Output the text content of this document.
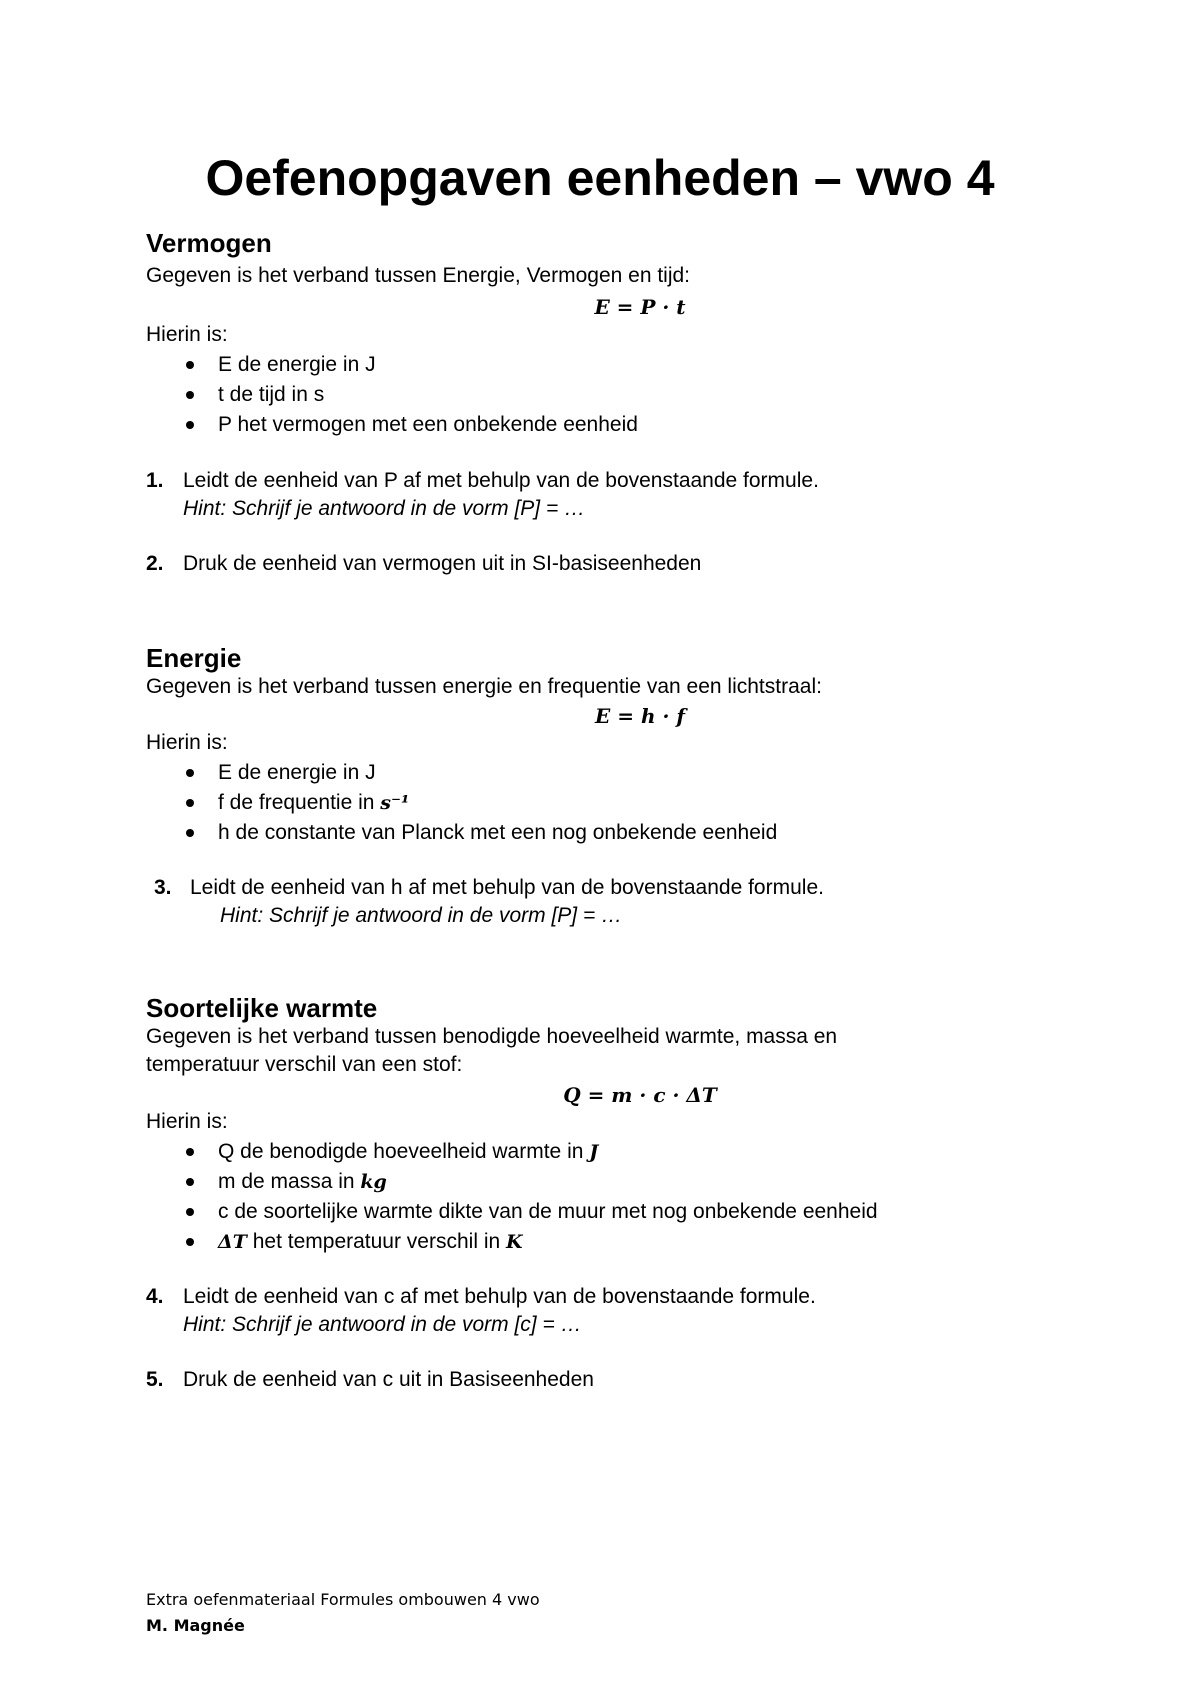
Oefenopgaven eenheden – vwo 4
Vermogen
Gegeven is het verband tussen Energie, Vermogen en tijd:
E = P · t
Hierin is:
E de energie in J
t de tijd in s
P het vermogen met een onbekende eenheid
1. Leidt de eenheid van P af met behulp van de bovenstaande formule.
Hint: Schrijf je antwoord in de vorm [P] = …
2. Druk de eenheid van vermogen uit in SI-basiseenheden
Energie
Gegeven is het verband tussen energie en frequentie van een lichtstraal:
E = h · f
Hierin is:
E de energie in J
f de frequentie in s⁻¹
h de constante van Planck met een nog onbekende eenheid
3. Leidt de eenheid van h af met behulp van de bovenstaande formule.
Hint: Schrijf je antwoord in de vorm [P] = …
Soortelijke warmte
Gegeven is het verband tussen benodigde hoeveelheid warmte, massa en
temperatuur verschil van een stof:
Q = m · c · ΔT
Hierin is:
Q de benodigde hoeveelheid warmte in J
m de massa in kg
c de soortelijke warmte dikte van de muur met nog onbekende eenheid
ΔT het temperatuur verschil in K
4. Leidt de eenheid van c af met behulp van de bovenstaande formule.
Hint: Schrijf je antwoord in de vorm [c] = …
5. Druk de eenheid van c uit in Basiseenheden
Extra oefenmateriaal Formules ombouwen 4 vwo
M. Magnée
